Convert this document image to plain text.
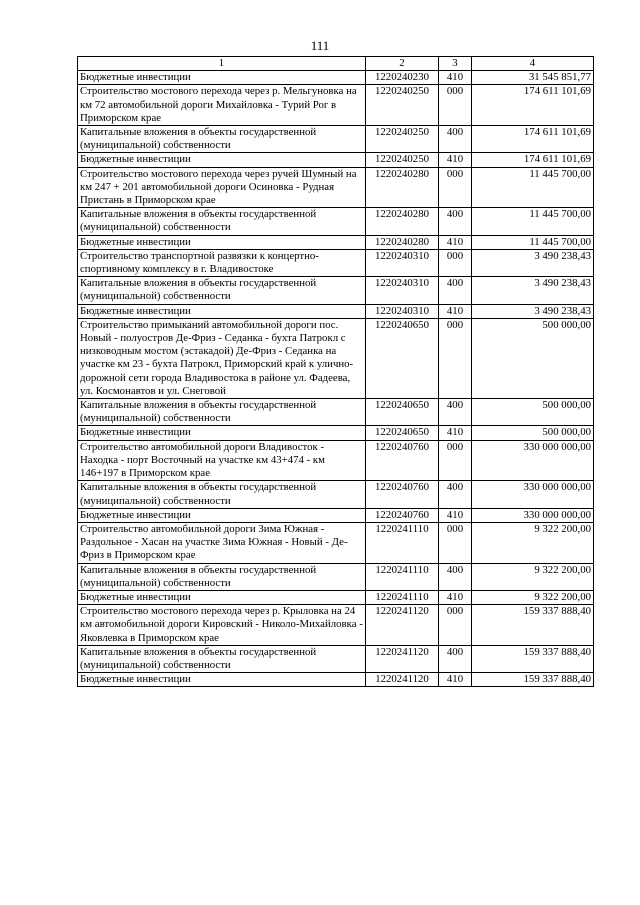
111
1	2	3	4
Бюджетные инвестиции	1220240230	410	31 545 851,77
Строительство мостового перехода через р. Мельгуновка на км 72 автомобильной дороги Михайловка - Турий Рог в Приморском крае	1220240250	000	174 611 101,69
Капитальные вложения в объекты государственной (муниципальной) собственности	1220240250	400	174 611 101,69
Бюджетные инвестиции	1220240250	410	174 611 101,69
Строительство мостового перехода через ручей Шумный на км 247 + 201 автомобильной дороги Осиновка - Рудная Пристань в Приморском крае	1220240280	000	11 445 700,00
Капитальные вложения в объекты государственной (муниципальной) собственности	1220240280	400	11 445 700,00
Бюджетные инвестиции	1220240280	410	11 445 700,00
Строительство транспортной развязки к концертно-спортивному комплексу в г. Владивостоке	1220240310	000	3 490 238,43
Капитальные вложения в объекты государственной (муниципальной) собственности	1220240310	400	3 490 238,43
Бюджетные инвестиции	1220240310	410	3 490 238,43
Строительство примыканий автомобильной дороги пос. Новый - полуостров Де-Фриз - Седанка - бухта Патрокл с низководным мостом (эстакадой) Де-Фриз - Седанка на участке км 23 - бухта Патрокл, Приморский край к улично-дорожной сети города Владивостока в районе ул. Фадеева, ул. Космонавтов и ул. Снеговой	1220240650	000	500 000,00
Капитальные вложения в объекты государственной (муниципальной) собственности	1220240650	400	500 000,00
Бюджетные инвестиции	1220240650	410	500 000,00
Строительство автомобильной дороги Владивосток - Находка - порт Восточный на участке км 43+474 - км 146+197 в Приморском крае	1220240760	000	330 000 000,00
Капитальные вложения в объекты государственной (муниципальной) собственности	1220240760	400	330 000 000,00
Бюджетные инвестиции	1220240760	410	330 000 000,00
Строительство автомобильной дороги Зима Южная - Раздольное - Хасан на участке Зима Южная - Новый - Де-Фриз в Приморском крае	1220241110	000	9 322 200,00
Капитальные вложения в объекты государственной (муниципальной) собственности	1220241110	400	9 322 200,00
Бюджетные инвестиции	1220241110	410	9 322 200,00
Строительство мостового перехода через р. Крыловка на 24 км автомобильной дороги Кировский - Николо-Михайловка - Яковлевка в Приморском крае	1220241120	000	159 337 888,40
Капитальные вложения в объекты государственной (муниципальной) собственности	1220241120	400	159 337 888,40
Бюджетные инвестиции	1220241120	410	159 337 888,40
